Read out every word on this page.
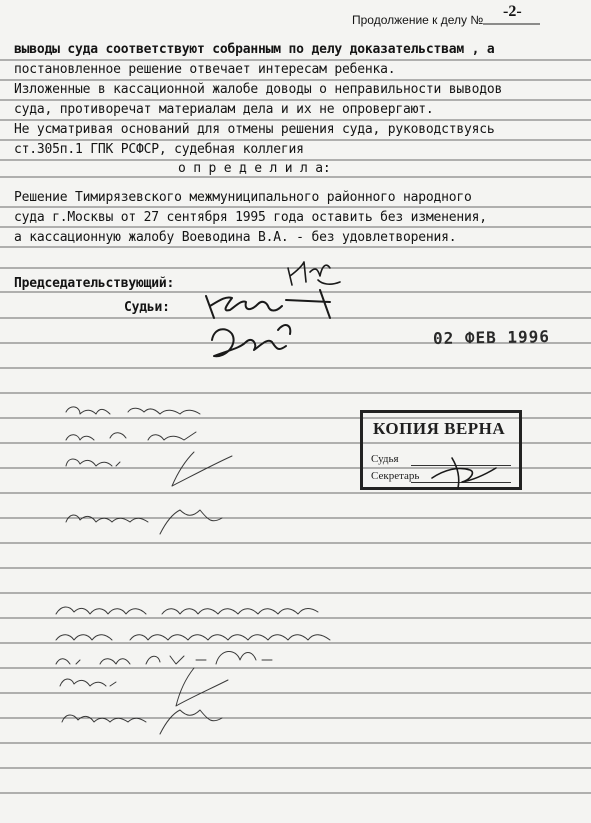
Продолжение к делу № -2-
выводы суда соответствуют собранным по делу доказательствам , а
постановленное решение отвечает интересам ребенка.
Изложенные в кассационной жалобе доводы о неправильности выводов
суда, противоречат материалам дела и их не опровергают.
Не усматривая оснований для отмены решения суда, руководствуясь
ст.305п.1 ГПК РСФСР, судебная коллегия
о п р е д е л и л а:
Решение Тимирязевского межмуниципального районного народного
суда г.Москвы от 27 сентября 1995 года оставить без изменения,
а кассационную жалобу Воеводина В.А. - без удовлетворения.
Председательствующий:
Судьи:
02 ФЕВ 1996
КОПИЯ ВЕРНА
Судья
Секретарь
